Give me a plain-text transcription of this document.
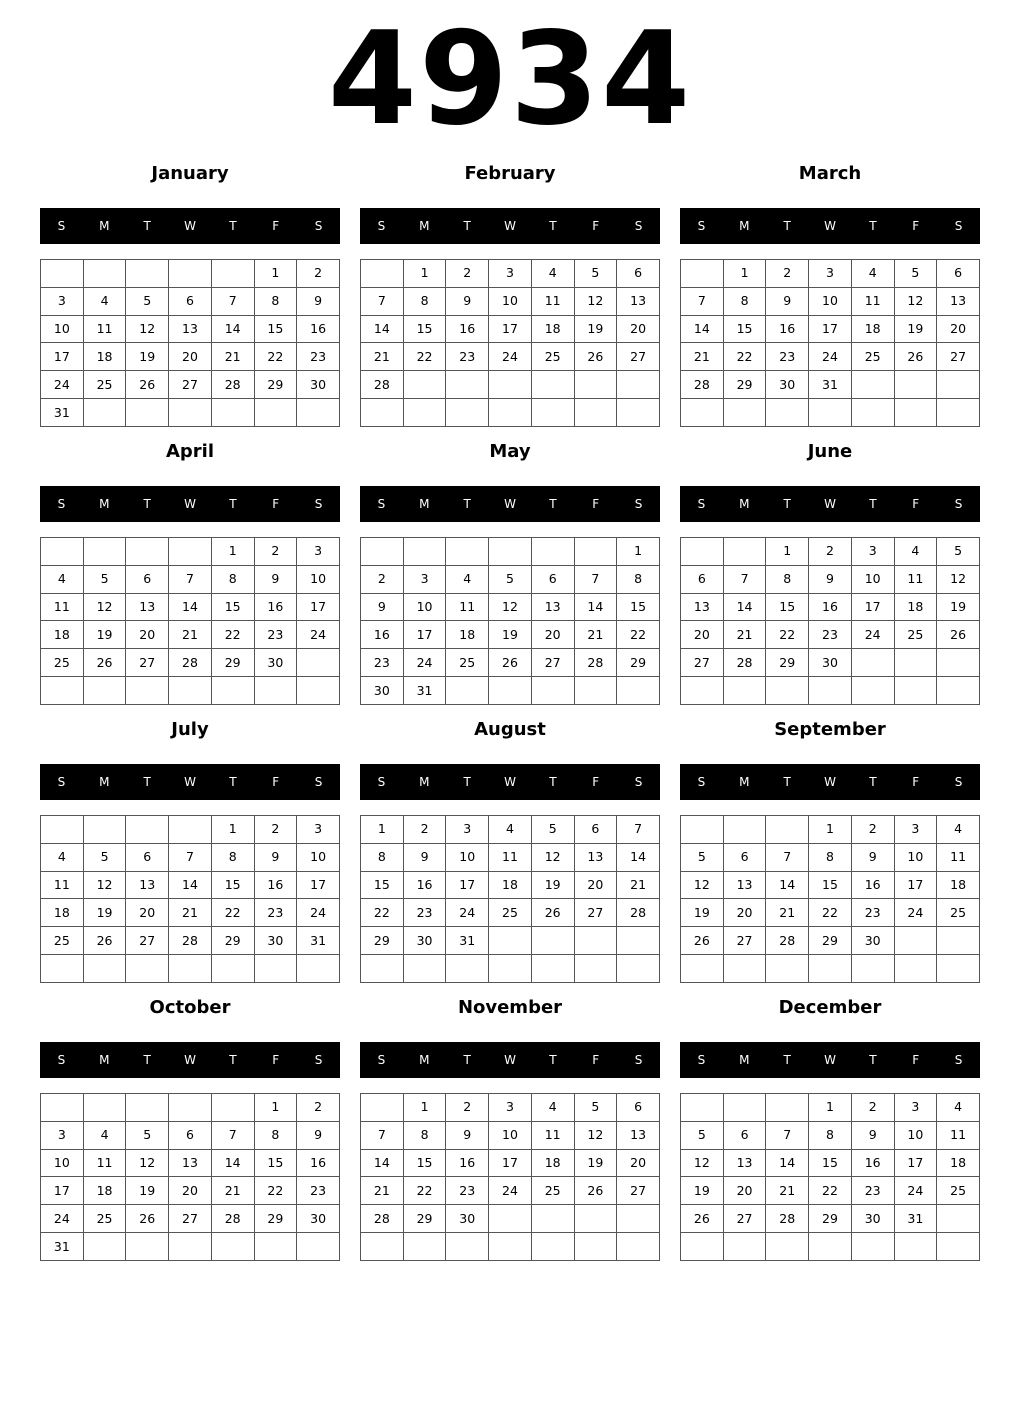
4934
January
S	M	T	W	T	F	S
					1	2
3	4	5	6	7	8	9
10	11	12	13	14	15	16
17	18	19	20	21	22	23
24	25	26	27	28	29	30
31						
February
S	M	T	W	T	F	S
	1	2	3	4	5	6
7	8	9	10	11	12	13
14	15	16	17	18	19	20
21	22	23	24	25	26	27
28						

March
S	M	T	W	T	F	S
	1	2	3	4	5	6
7	8	9	10	11	12	13
14	15	16	17	18	19	20
21	22	23	24	25	26	27
28	29	30	31			

April
S	M	T	W	T	F	S
				1	2	3
4	5	6	7	8	9	10
11	12	13	14	15	16	17
18	19	20	21	22	23	24
25	26	27	28	29	30	

May
S	M	T	W	T	F	S
						1
2	3	4	5	6	7	8
9	10	11	12	13	14	15
16	17	18	19	20	21	22
23	24	25	26	27	28	29
30	31					
June
S	M	T	W	T	F	S
		1	2	3	4	5
6	7	8	9	10	11	12
13	14	15	16	17	18	19
20	21	22	23	24	25	26
27	28	29	30			

July
S	M	T	W	T	F	S
				1	2	3
4	5	6	7	8	9	10
11	12	13	14	15	16	17
18	19	20	21	22	23	24
25	26	27	28	29	30	31

August
S	M	T	W	T	F	S
1	2	3	4	5	6	7
8	9	10	11	12	13	14
15	16	17	18	19	20	21
22	23	24	25	26	27	28
29	30	31				

September
S	M	T	W	T	F	S
			1	2	3	4
5	6	7	8	9	10	11
12	13	14	15	16	17	18
19	20	21	22	23	24	25
26	27	28	29	30		

October
S	M	T	W	T	F	S
					1	2
3	4	5	6	7	8	9
10	11	12	13	14	15	16
17	18	19	20	21	22	23
24	25	26	27	28	29	30
31						
November
S	M	T	W	T	F	S
	1	2	3	4	5	6
7	8	9	10	11	12	13
14	15	16	17	18	19	20
21	22	23	24	25	26	27
28	29	30				

December
S	M	T	W	T	F	S
			1	2	3	4
5	6	7	8	9	10	11
12	13	14	15	16	17	18
19	20	21	22	23	24	25
26	27	28	29	30	31	
